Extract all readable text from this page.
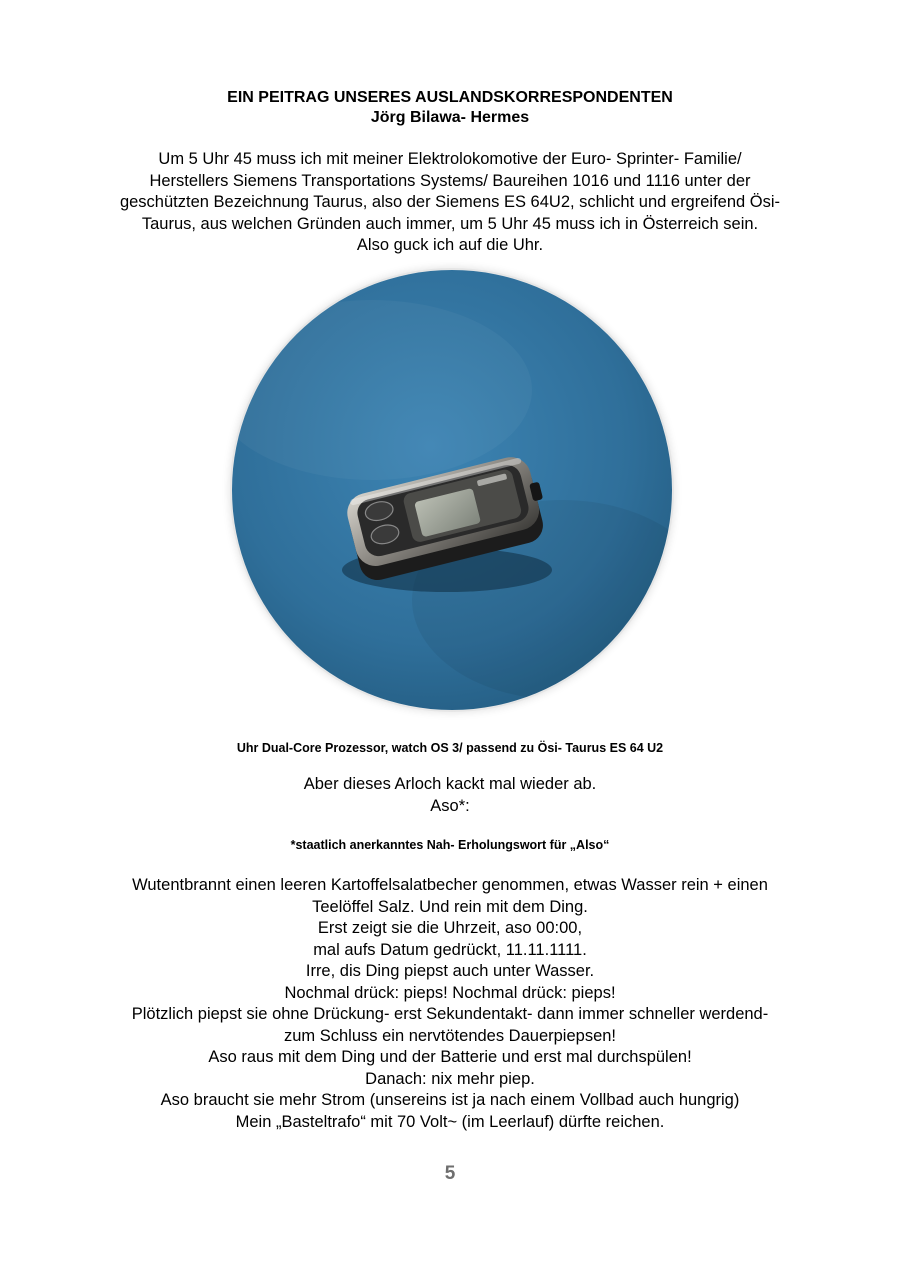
EIN PEITRAG UNSERES AUSLANDSKORRESPONDENTEN
Jörg Bilawa- Hermes
Um 5 Uhr 45 muss ich mit meiner Elektrolokomotive der Euro- Sprinter- Familie/
Herstellers Siemens Transportations Systems/ Baureihen 1016 und 1116 unter der
geschützten Bezeichnung Taurus, also der Siemens ES 64U2, schlicht und ergreifend Ösi-
Taurus, aus welchen Gründen auch immer, um 5 Uhr 45 muss ich in Österreich sein.
Also guck ich auf die Uhr.
Uhr Dual-Core Prozessor, watch OS 3/ passend zu Ösi- Taurus ES 64 U2
Aber dieses Arloch kackt mal wieder ab.
Aso*:
*staatlich anerkanntes Nah- Erholungswort für „Also“
Wutentbrannt einen leeren Kartoffelsalatbecher genommen, etwas Wasser rein + einen
Teelöffel Salz. Und rein mit dem Ding.
Erst zeigt sie die Uhrzeit, aso 00:00,
mal aufs Datum gedrückt, 11.11.1111.
Irre, dis Ding piepst auch unter Wasser.
Nochmal drück: pieps! Nochmal drück: pieps!
Plötzlich piepst sie ohne Drückung- erst Sekundentakt- dann immer schneller werdend-
zum Schluss ein nervtötendes Dauerpiepsen!
Aso raus mit dem Ding und der Batterie und erst mal durchspülen!
Danach: nix mehr piep.
Aso braucht sie mehr Strom (unsereins ist ja nach einem Vollbad auch hungrig)
Mein „Basteltrafo“ mit 70 Volt~ (im Leerlauf) dürfte reichen.
5
